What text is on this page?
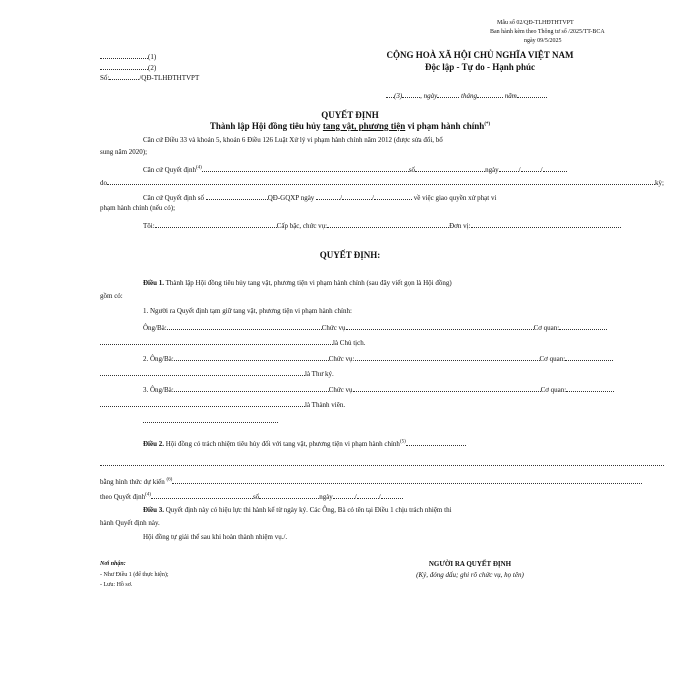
Mẫu số 02/QĐ-TLHĐTHTVPT
Ban hành kèm theo Thông tư số /2025/TT-BCA
ngày 09/5/2025
(1)
(2)
Số:	/QĐ-TLHĐTHTVPT
CỘNG HOÀ XÃ HỘI CHỦ NGHĨA VIỆT NAM
Độc lập - Tự do - Hạnh phúc
(3)	, ngày	tháng	năm
QUYẾT ĐỊNH
Thành lập Hội đồng tiêu hủy tang vật, phương tiện vi phạm hành chính(*)
Căn cứ Điều 33 và khoản 5, khoản 6 Điều 126 Luật Xử lý vi phạm hành chính năm 2012 (được sửa đổi, bổ
sung năm 2020);
Căn cứ Quyết định$^{(4)}$	số	ngày	/	/
do	kỳ;
Căn cứ Quyết định số	QĐ-GQXP ngày	/	/	về việc giao quyền xử phạt vi
phạm hành chính (nếu có);
Tôi:	Cấp bậc, chức vụ:	Đơn vị:
QUYẾT ĐỊNH:
Điều 1. Thành lập Hội đồng tiêu hủy tang vật, phương tiện vi phạm hành chính (sau đây viết gọn là Hội đồng)
gồm có:
1. Người ra Quyết định tạm giữ tang vật, phương tiện vi phạm hành chính:
Ông/Bà:	Chức vụ	Cơ quan:
là Chủ tịch.
2. Ông/Bà:	Chức vụ:	Cơ quan:
là Thư ký.
3. Ông/Bà:	Chức vụ	Cơ quan:
là Thành viên.
Điều 2. Hội đồng có trách nhiệm tiêu hủy đối với tang vật, phương tiện vi phạm hành chính$^{(5)}$
bằng hình thức dự kiến $^{(6)}$
theo Quyết định$^{(4)}$	số	ngày	/	/
Điều 3. Quyết định này có hiệu lực thi hành kể từ ngày ký. Các Ông, Bà có tên tại Điều 1 chịu trách nhiệm thi
hành Quyết định này.
Hội đồng tự giải thể sau khi hoàn thành nhiệm vụ./.
Nơi nhận:
- Như Điều 1 (để thực hiện);
- Lưu: Hồ sơ.
NGƯỜI RA QUYẾT ĐỊNH
(Ký, đóng dấu; ghi rõ chức vụ, họ tên)
